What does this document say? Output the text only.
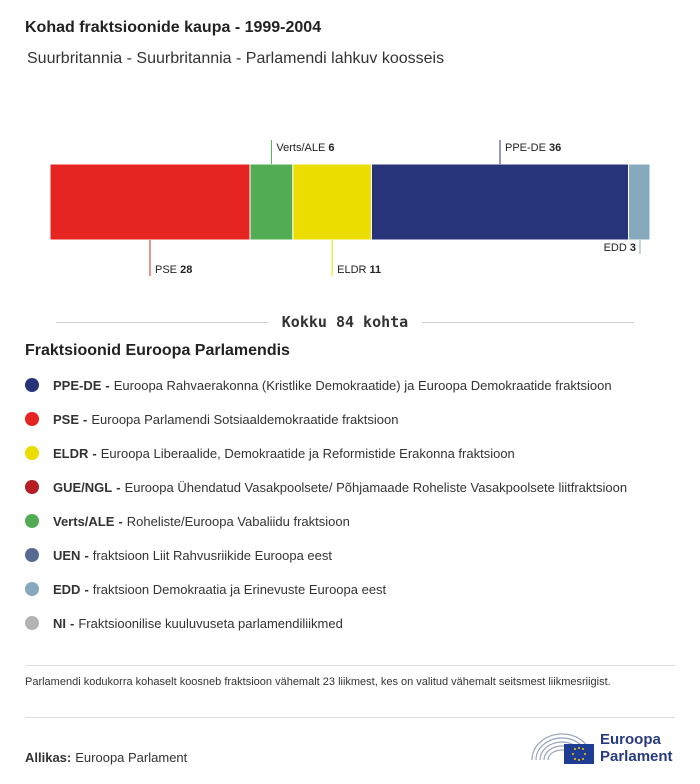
Kohad fraktsioonide kaupa - 1999-2004
Suurbritannia - Suurbritannia - Parlamendi lahkuv koosseis
PSE 28
Verts/ALE 6
ELDR 11
PPE-DE 36
EDD 3
Kokku 84 kohta
Fraktsioonid Euroopa Parlamendis
PPE-DE - Euroopa Rahvaerakonna (Kristlike Demokraatide) ja Euroopa Demokraatide fraktsioon
PSE - Euroopa Parlamendi Sotsiaaldemokraatide fraktsioon
ELDR - Euroopa Liberaalide, Demokraatide ja Reformistide Erakonna fraktsioon
GUE/NGL - Euroopa Ühendatud Vasakpoolsete/ Põhjamaade Roheliste Vasakpoolsete liitfraktsioon
Verts/ALE - Roheliste/Euroopa Vabaliidu fraktsioon
UEN - fraktsioon Liit Rahvusriikide Euroopa eest
EDD - fraktsioon Demokraatia ja Erinevuste Euroopa eest
NI - Fraktsioonilise kuuluvuseta parlamendiliikmed
Parlamendi kodukorra kohaselt koosneb fraktsioon vähemalt 23 liikmest, kes on valitud vähemalt seitsmest liikmesriigist.
Allikas: Euroopa Parlament
Euroopa
Parlament
